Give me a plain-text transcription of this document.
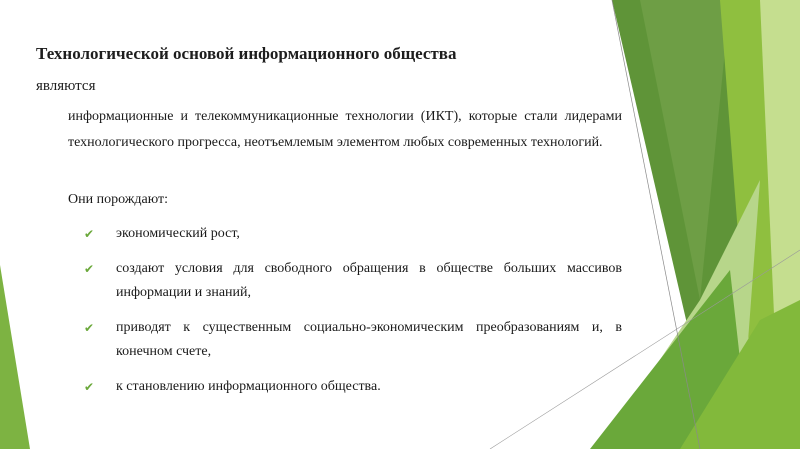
Технологической основой информационного общества
являются
информационные и телекоммуникационные технологии (ИКТ), которые стали лидерами технологического прогресса, неотъемлемым элементом любых современных технологий.
Они порождают:
✔ экономический рост,
✔ создают условия для свободного обращения в обществе больших массивов информации и знаний,
✔ приводят к существенным социально-экономическим преобразованиям и, в конечном счете,
✔ к становлению информационного общества.
